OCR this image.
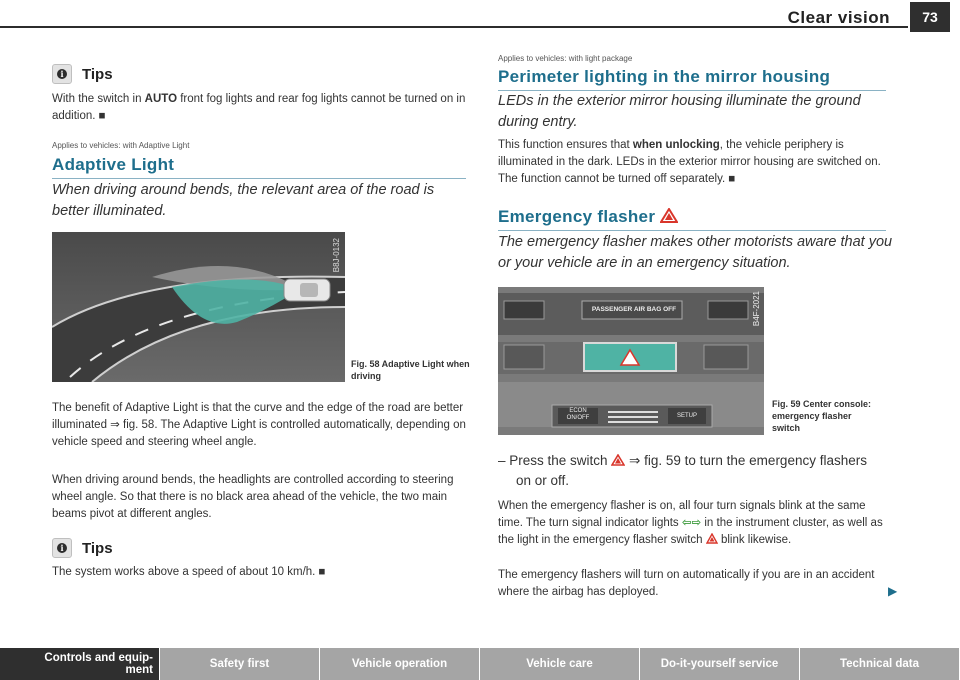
Clear vision	73
i Tips

With the switch in AUTO front fog lights and rear fog lights cannot be turned on in addition. ■

Applies to vehicles: with Adaptive Light
Adaptive Light
When driving around bends, the relevant area of the road is better illuminated.
B8J-0132
Fig. 58 Adaptive Light when driving

The benefit of Adaptive Light is that the curve and the edge of the road are better illuminated ⇒ fig. 58. The Adaptive Light is controlled automatically, depending on vehicle speed and steering wheel angle.

When driving around bends, the headlights are controlled according to steering wheel angle. So that there is no black area ahead of the vehicle, the two main beams pivot at different angles.

i Tips

The system works above a speed of about 10 km/h. ■

Applies to vehicles: with light package
Perimeter lighting in the mirror housing
LEDs in the exterior mirror housing illuminate the ground during entry.

This function ensures that when unlocking, the vehicle periphery is illuminated in the dark. LEDs in the exterior mirror housing are switched on. The function cannot be turned off separately. ■

Emergency flasher
The emergency flasher makes other motorists aware that you or your vehicle are in an emergency situation.
PASSENGER AIR BAG OFF
ECON
ON/OFF	SETUP
B4F-2021
Fig. 59 Center console: emergency flasher switch

– Press the switch  ⇒ fig. 59 to turn the emergency flashers on or off.

When the emergency flasher is on, all four turn signals blink at the same time. The turn signal indicator lights ⇦⇨ in the instrument cluster, as well as the light in the emergency flasher switch  blink likewise.

The emergency flashers will turn on automatically if you are in an accident where the airbag has deployed.	▶
Controls and equip-
ment	Safety first	Vehicle operation	Vehicle care	Do-it-yourself service	Technical data
